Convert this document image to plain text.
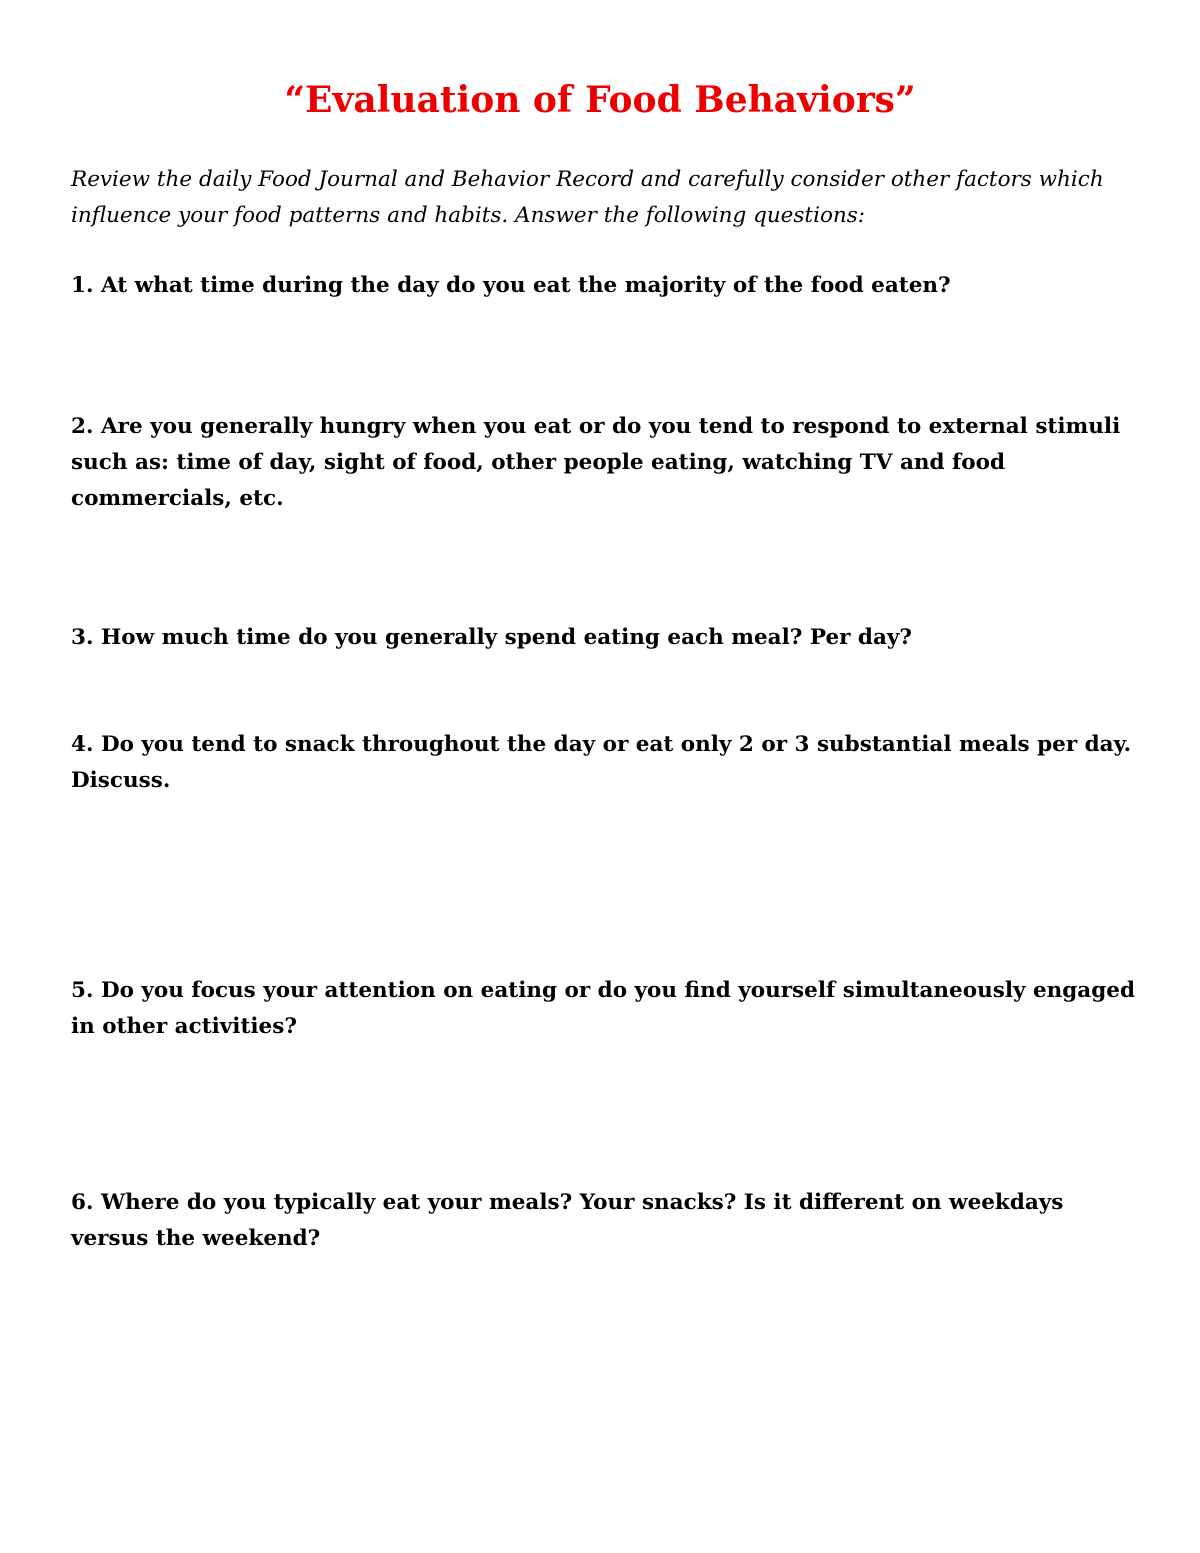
“Evaluation of Food Behaviors”

Review the daily Food Journal and Behavior Record and carefully consider other factors which influence your food patterns and habits. Answer the following questions:

1. At what time during the day do you eat the majority of the food eaten?

2. Are you generally hungry when you eat or do you tend to respond to external stimuli such as: time of day, sight of food, other people eating, watching TV and food commercials, etc.

3. How much time do you generally spend eating each meal? Per day?

4. Do you tend to snack throughout the day or eat only 2 or 3 substantial meals per day. Discuss.

5. Do you focus your attention on eating or do you find yourself simultaneously engaged in other activities?

6. Where do you typically eat your meals? Your snacks? Is it different on weekdays versus the weekend?
